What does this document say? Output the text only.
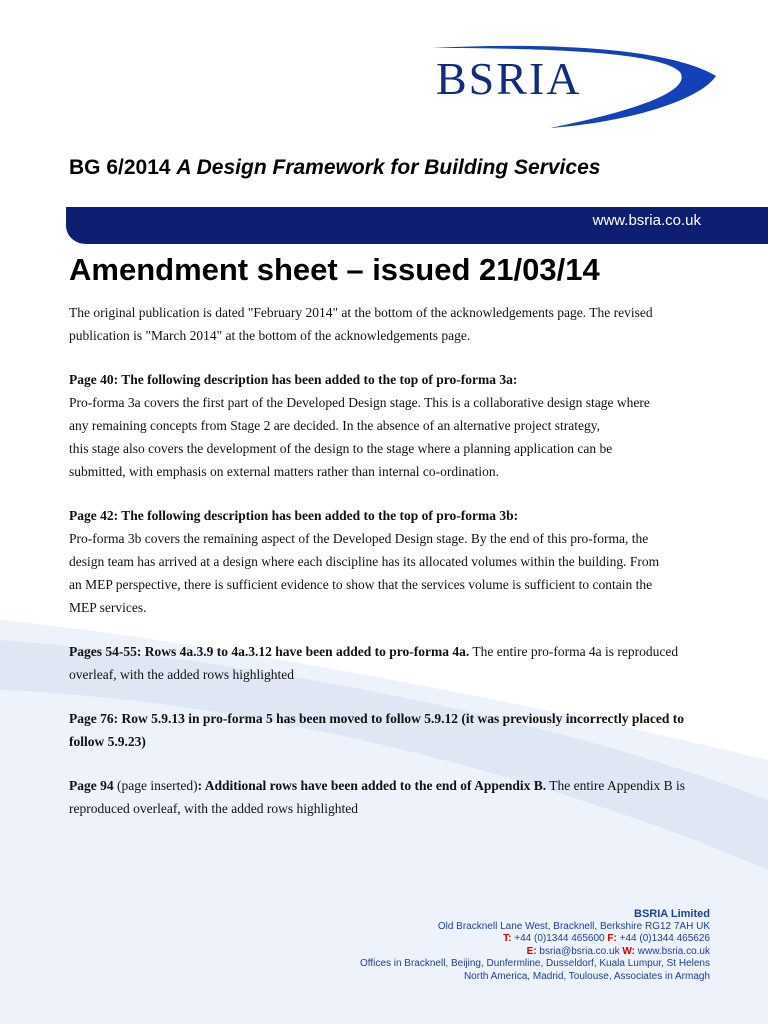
BSRIA
BG 6/2014 A Design Framework for Building Services
www.bsria.co.uk
Amendment sheet – issued 21/03/14

The original publication is dated "February 2014" at the bottom of the acknowledgements page. The revised publication is "March 2014" at the bottom of the acknowledgements page.

Page 40: The following description has been added to the top of pro-forma 3a:
Pro-forma 3a covers the first part of the Developed Design stage. This is a collaborative design stage where
any remaining concepts from Stage 2 are decided. In the absence of an alternative project strategy,
this stage also covers the development of the design to the stage where a planning application can be
submitted, with emphasis on external matters rather than internal co-ordination.

Page 42: The following description has been added to the top of pro-forma 3b:
Pro-forma 3b covers the remaining aspect of the Developed Design stage. By the end of this pro-forma, the
design team has arrived at a design where each discipline has its allocated volumes within the building. From
an MEP perspective, there is sufficient evidence to show that the services volume is sufficient to contain the
MEP services.

Pages 54-55: Rows 4a.3.9 to 4a.3.12 have been added to pro-forma 4a. The entire pro-forma 4a is reproduced overleaf, with the added rows highlighted

Page 76: Row 5.9.13 in pro-forma 5 has been moved to follow 5.9.12 (it was previously incorrectly placed to follow 5.9.23)

Page 94 (page inserted): Additional rows have been added to the end of Appendix B. The entire Appendix B is reproduced overleaf, with the added rows highlighted

BSRIA Limited
Old Bracknell Lane West, Bracknell, Berkshire RG12 7AH UK
T: +44 (0)1344 465600 F: +44 (0)1344 465626
E: bsria@bsria.co.uk W: www.bsria.co.uk
Offices in Bracknell, Beijing, Dunfermline, Dusseldorf, Kuala Lumpur, St Helens
North America, Madrid, Toulouse, Associates in Armagh
